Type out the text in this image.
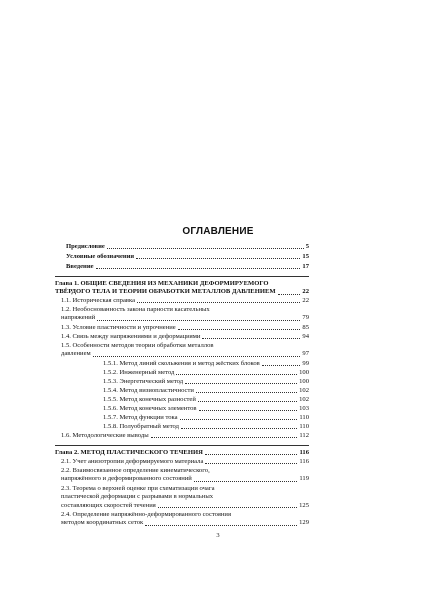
ОГЛАВЛЕНИЕ
Предисловие	5
Условные обозначения	15
Введение	17
Глава 1. ОБЩИЕ СВЕДЕНИЯ ИЗ МЕХАНИКИ ДЕФОРМИРУЕМОГО
ТВЁРДОГО ТЕЛА И ТЕОРИИ ОБРАБОТКИ МЕТАЛЛОВ ДАВЛЕНИЕМ	22
1.1. Историческая справка	22
1.2. Необоснованность закона парности касательных
напряжений	79
1.3. Условие пластичности и упрочнение	85
1.4. Связь между напряжениями и деформациями	94
1.5. Особенности методов теории обработки металлов
давлением	97
1.5.1. Метод линий скольжения и метод жёстких блоков	99
1.5.2. Инженерный метод	100
1.5.3. Энергетический метод	100
1.5.4. Метод визиопластичности	102
1.5.5. Метод конечных разностей	102
1.5.6. Метод конечных элементов	103
1.5.7. Метод функции тока	110
1.5.8. Полуобратный метод	110
1.6. Методологические выводы	112
Глава 2. МЕТОД ПЛАСТИЧЕСКОГО ТЕЧЕНИЯ	116
2.1. Учет анизотропии деформируемого материала	116
2.2. Взаимосвязанное определение кинематического,
напряжённого и деформированного состояний	119
2.3. Теорема о верхней оценке при схематизации очага
пластической деформации с разрывами в нормальных
составляющих скоростей течения	125
2.4. Определение напряжённо-деформированного состояния
методом координатных сеток	129
3
